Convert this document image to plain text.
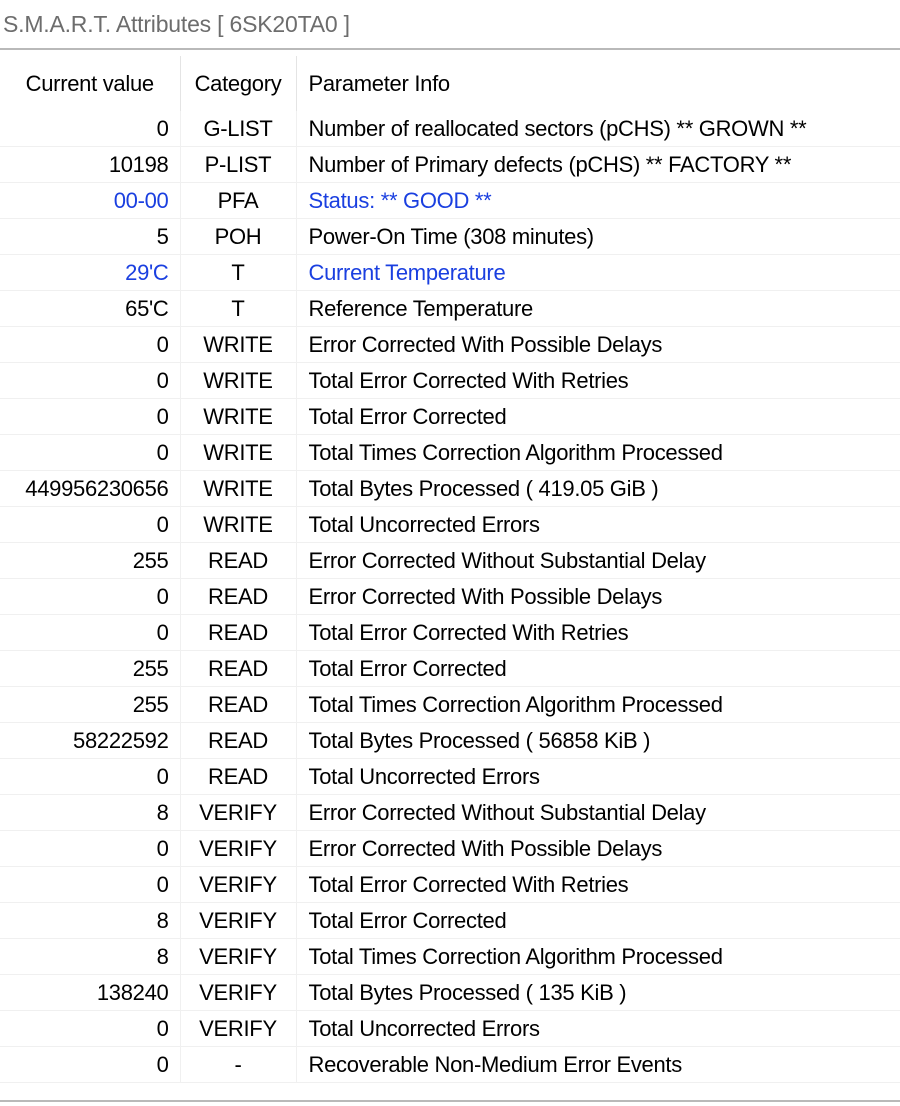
S.M.A.R.T. Attributes [ 6SK20TA0 ]
Current value	Category	Parameter Info
0	G-LIST	Number of reallocated sectors (pCHS) ** GROWN **
10198	P-LIST	Number of Primary defects (pCHS) ** FACTORY **
00-00	PFA	Status: ** GOOD **
5	POH	Power-On Time (308 minutes)
29'C	T	Current Temperature
65'C	T	Reference Temperature
0	WRITE	Error Corrected With Possible Delays
0	WRITE	Total Error Corrected With Retries
0	WRITE	Total Error Corrected
0	WRITE	Total Times Correction Algorithm Processed
449956230656	WRITE	Total Bytes Processed ( 419.05 GiB )
0	WRITE	Total Uncorrected Errors
255	READ	Error Corrected Without Substantial Delay
0	READ	Error Corrected With Possible Delays
0	READ	Total Error Corrected With Retries
255	READ	Total Error Corrected
255	READ	Total Times Correction Algorithm Processed
58222592	READ	Total Bytes Processed ( 56858 KiB )
0	READ	Total Uncorrected Errors
8	VERIFY	Error Corrected Without Substantial Delay
0	VERIFY	Error Corrected With Possible Delays
0	VERIFY	Total Error Corrected With Retries
8	VERIFY	Total Error Corrected
8	VERIFY	Total Times Correction Algorithm Processed
138240	VERIFY	Total Bytes Processed ( 135 KiB )
0	VERIFY	Total Uncorrected Errors
0	-	Recoverable Non-Medium Error Events
